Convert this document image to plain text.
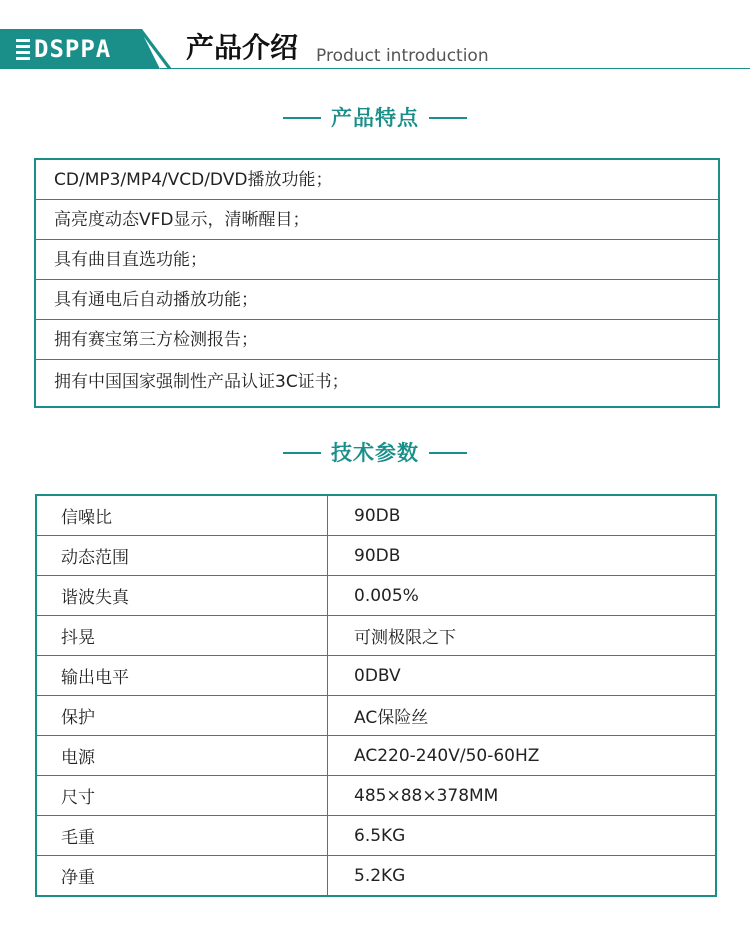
DSPPA	产品介绍 Product introduction
产品特点
CD/MP3/MP4/VCD/DVD播放功能；
高亮度动态VFD显示，清晰醒目；
具有曲目直选功能；
具有通电后自动播放功能；
拥有赛宝第三方检测报告；
拥有中国国家强制性产品认证3C证书；
技术参数
信噪比	90DB
动态范围	90DB
谐波失真	0.005%
抖晃	可测极限之下
输出电平	0DBV
保护	AC保险丝
电源	AC220-240V/50-60HZ
尺寸	485×88×378MM
毛重	6.5KG
净重	5.2KG
